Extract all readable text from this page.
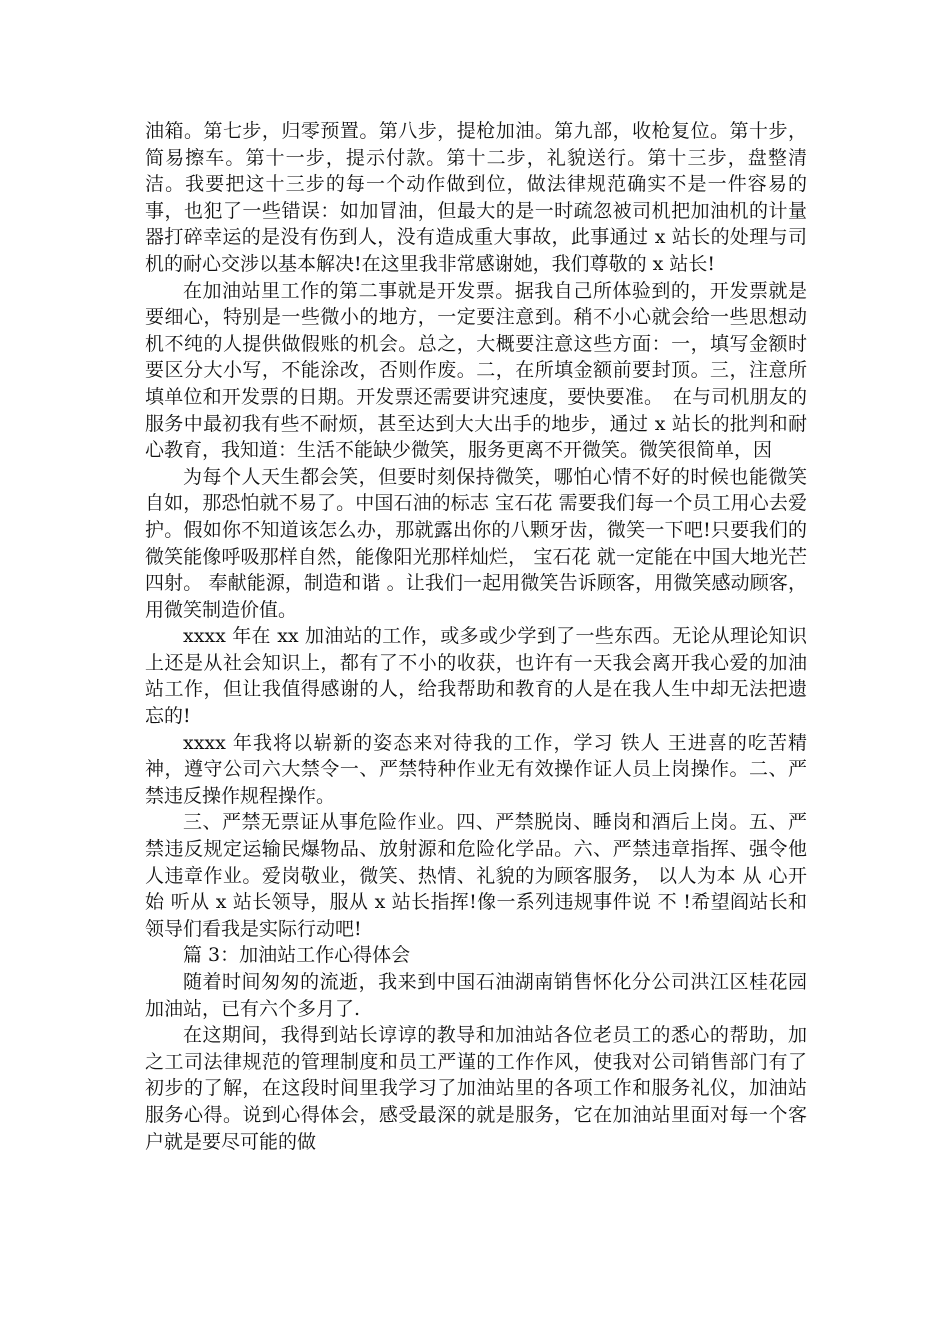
油箱。第七步，归零预置。第八步，提枪加油。第九部，收枪复位。第十步，简易擦车。第十一步，提示付款。第十二步，礼貌送行。第十三步，盘整清洁。我要把这十三步的每一个动作做到位，做法律规范确实不是一件容易的事，也犯了一些错误：如加冒油，但最大的是一时疏忽被司机把加油机的计量器打碎幸运的是没有伤到人，没有造成重大事故，此事通过 x 站长的处理与司机的耐心交涉以基本解决!在这里我非常感谢她，我们尊敬的 x 站长!

在加油站里工作的第二事就是开发票。据我自己所体验到的，开发票就是要细心，特别是一些微小的地方，一定要注意到。稍不小心就会给一些思想动机不纯的人提供做假账的机会。总之，大概要注意这些方面：一，填写金额时要区分大小写，不能涂改，否则作废。二，在所填金额前要封顶。三，注意所填单位和开发票的日期。开发票还需要讲究速度，要快要准。　在与司机朋友的服务中最初我有些不耐烦，甚至达到大大出手的地步，通过 x 站长的批判和耐心教育，我知道：生活不能缺少微笑，服务更离不开微笑。微笑很简单，因

为每个人天生都会笑，但要时刻保持微笑，哪怕心情不好的时候也能微笑自如，那恐怕就不易了。中国石油的标志 宝石花 需要我们每一个员工用心去爱护。假如你不知道该怎么办，那就露出你的八颗牙齿，微笑一下吧!只要我们的微笑能像呼吸那样自然，能像阳光那样灿烂， 宝石花 就一定能在中国大地光芒四射。 奉献能源，制造和谐 。让我们一起用微笑告诉顾客，用微笑感动顾客，用微笑制造价值。

xxxx 年在 xx 加油站的工作，或多或少学到了一些东西。无论从理论知识上还是从社会知识上，都有了不小的收获，也许有一天我会离开我心爱的加油站工作，但让我值得感谢的人，给我帮助和教育的人是在我人生中却无法把遗忘的!

xxxx 年我将以崭新的姿态来对待我的工作，学习 铁人 王进喜的吃苦精神，遵守公司六大禁令一、严禁特种作业无有效操作证人员上岗操作。二、严禁违反操作规程操作。

三、严禁无票证从事危险作业。四、严禁脱岗、睡岗和酒后上岗。五、严禁违反规定运输民爆物品、放射源和危险化学品。六、严禁违章指挥、强令他人违章作业。爱岗敬业，微笑、热情、礼貌的为顾客服务， 以人为本 从 心开始 听从 x 站长领导，服从 x 站长指挥!像一系列违规事件说 不 !希望阎站长和领导们看我是实际行动吧!

篇 3：加油站工作心得体会

随着时间匆匆的流逝，我来到中国石油湖南销售怀化分公司洪江区桂花园加油站，已有六个多月了.

在这期间，我得到站长谆谆的教导和加油站各位老员工的悉心的帮助，加之工司法律规范的管理制度和员工严谨的工作作风，使我对公司销售部门有了初步的了解，在这段时间里我学习了加油站里的各项工作和服务礼仪，加油站服务心得。说到心得体会，感受最深的就是服务，它在加油站里面对每一个客户就是要尽可能的做
